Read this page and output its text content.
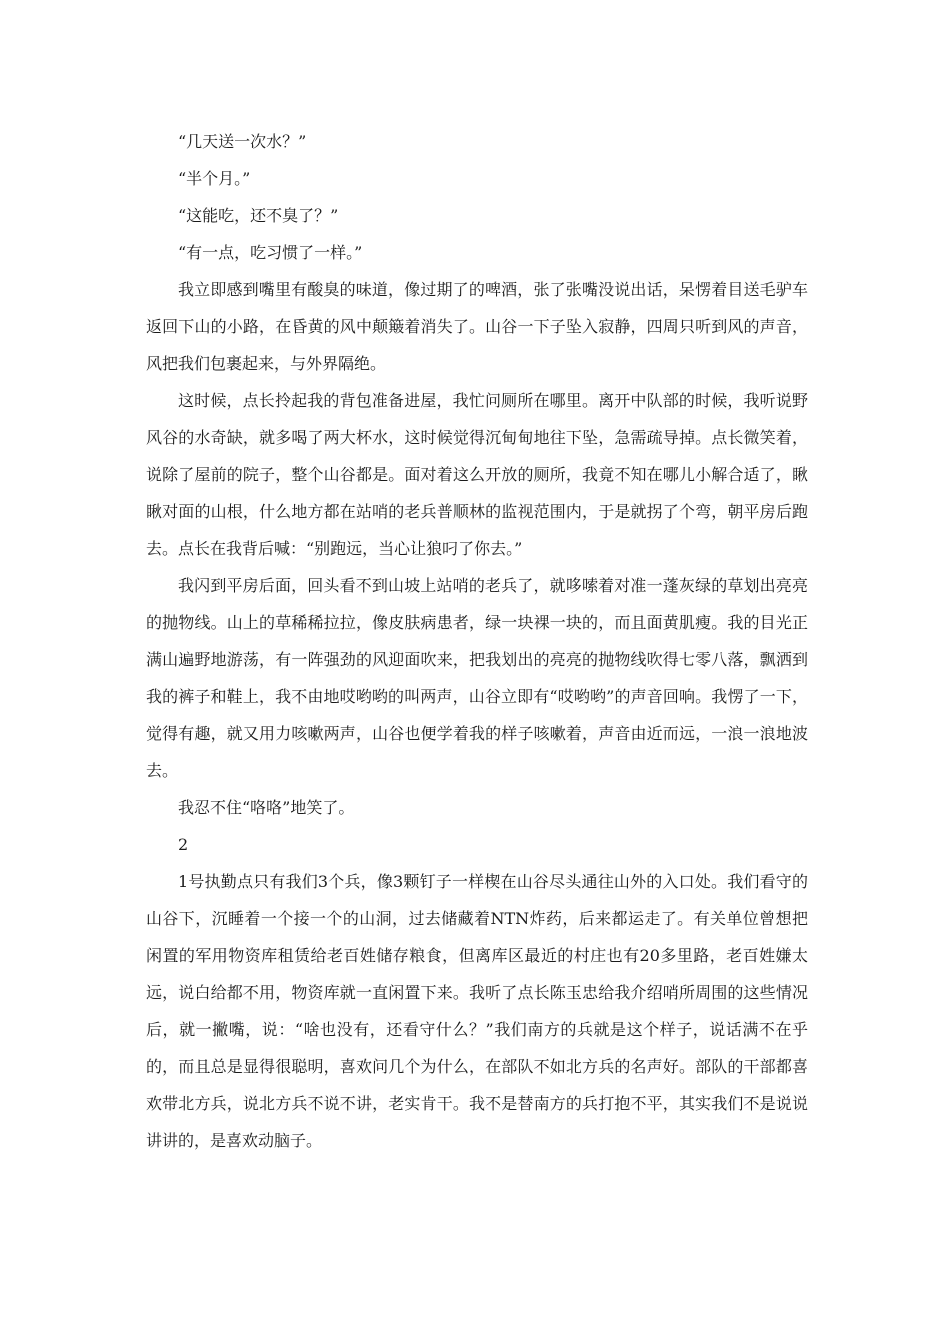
“几天送一次水？”

“半个月。”

“这能吃，还不臭了？”

“有一点，吃习惯了一样。”

我立即感到嘴里有酸臭的味道，像过期了的啤酒，张了张嘴没说出话，呆愣着目送毛驴车返回下山的小路，在昏黄的风中颠簸着消失了。山谷一下子坠入寂静，四周只听到风的声音，风把我们包裹起来，与外界隔绝。

这时候，点长拎起我的背包准备进屋，我忙问厕所在哪里。离开中队部的时候，我听说野风谷的水奇缺，就多喝了两大杯水，这时候觉得沉甸甸地往下坠，急需疏导掉。点长微笑着，说除了屋前的院子，整个山谷都是。面对着这么开放的厕所，我竟不知在哪儿小解合适了，瞅瞅对面的山根，什么地方都在站哨的老兵普顺林的监视范围内，于是就拐了个弯，朝平房后跑去。点长在我背后喊：“别跑远，当心让狼叼了你去。”

我闪到平房后面，回头看不到山坡上站哨的老兵了，就哆嗦着对准一蓬灰绿的草划出亮亮的抛物线。山上的草稀稀拉拉，像皮肤病患者，绿一块裸一块的，而且面黄肌瘦。我的目光正满山遍野地游荡，有一阵强劲的风迎面吹来，把我划出的亮亮的抛物线吹得七零八落，飘洒到我的裤子和鞋上，我不由地哎哟哟的叫两声，山谷立即有“哎哟哟”的声音回响。我愣了一下，觉得有趣，就又用力咳嗽两声，山谷也便学着我的样子咳嗽着，声音由近而远，一浪一浪地波去。

我忍不住“咯咯”地笑了。

2

1号执勤点只有我们3个兵，像3颗钉子一样楔在山谷尽头通往山外的入口处。我们看守的山谷下，沉睡着一个接一个的山洞，过去储藏着NTN炸药，后来都运走了。有关单位曾想把闲置的军用物资库租赁给老百姓储存粮食，但离库区最近的村庄也有20多里路，老百姓嫌太远，说白给都不用，物资库就一直闲置下来。我听了点长陈玉忠给我介绍哨所周围的这些情况后，就一撇嘴，说：“啥也没有，还看守什么？”我们南方的兵就是这个样子，说话满不在乎的，而且总是显得很聪明，喜欢问几个为什么，在部队不如北方兵的名声好。部队的干部都喜欢带北方兵，说北方兵不说不讲，老实肯干。我不是替南方的兵打抱不平，其实我们不是说说讲讲的，是喜欢动脑子。
